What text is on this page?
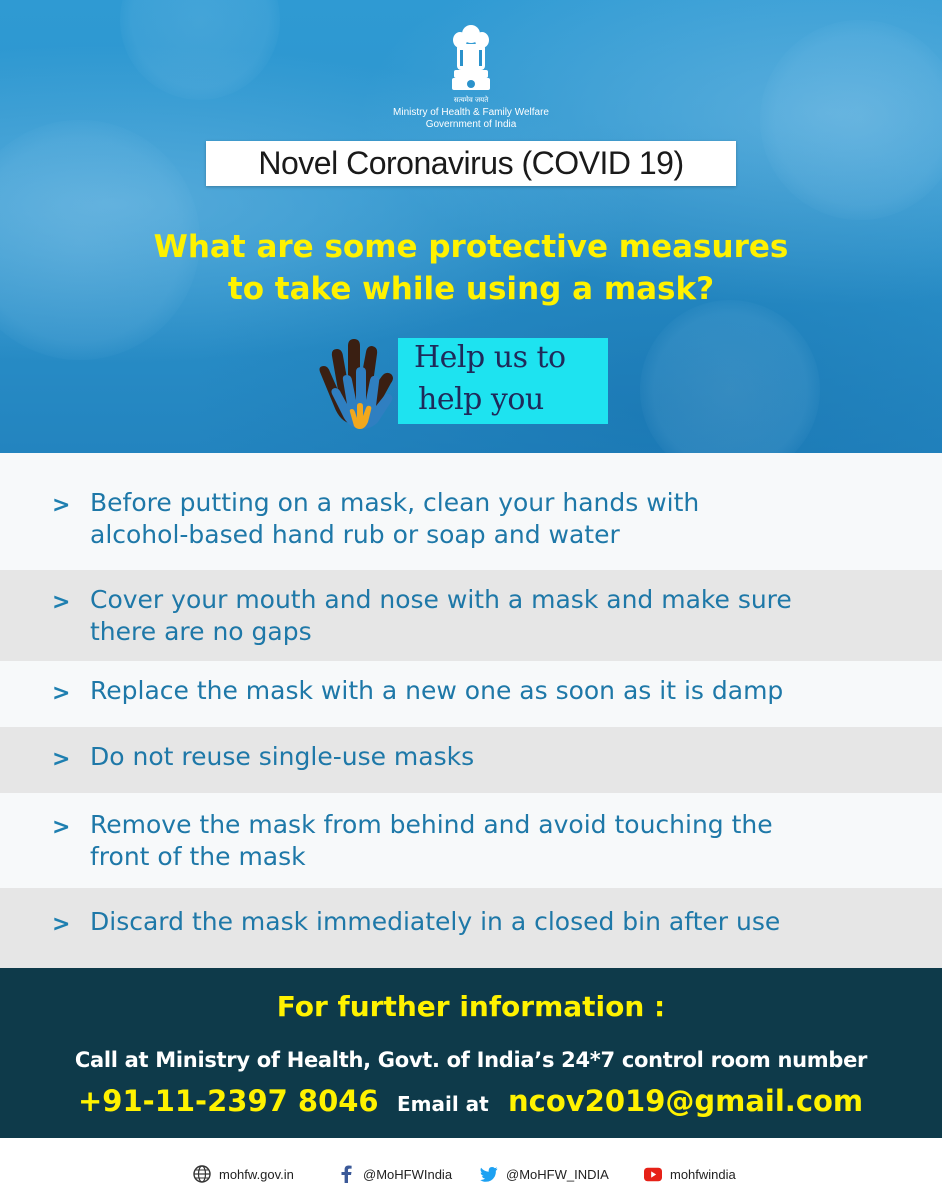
सत्यमेव जयते
Ministry of Health & Family Welfare
Government of India
Novel Coronavirus (COVID 19)
What are some protective measures
to take while using a mask?
Help us to
help you
> Before putting on a mask, clean your hands with
alcohol-based hand rub or soap and water
> Cover your mouth and nose with a mask and make sure
there are no gaps
> Replace the mask with a new one as soon as it is damp
> Do not reuse single-use masks
> Remove the mask from behind and avoid touching the
front of the mask
> Discard the mask immediately in a closed bin after use
For further information :
Call at Ministry of Health, Govt. of India’s 24*7 control room number
+91-11-2397 8046 Email at ncov2019@gmail.com
mohfw.gov.in	@MoHFWIndia	@MoHFW_INDIA	mohfwindia
